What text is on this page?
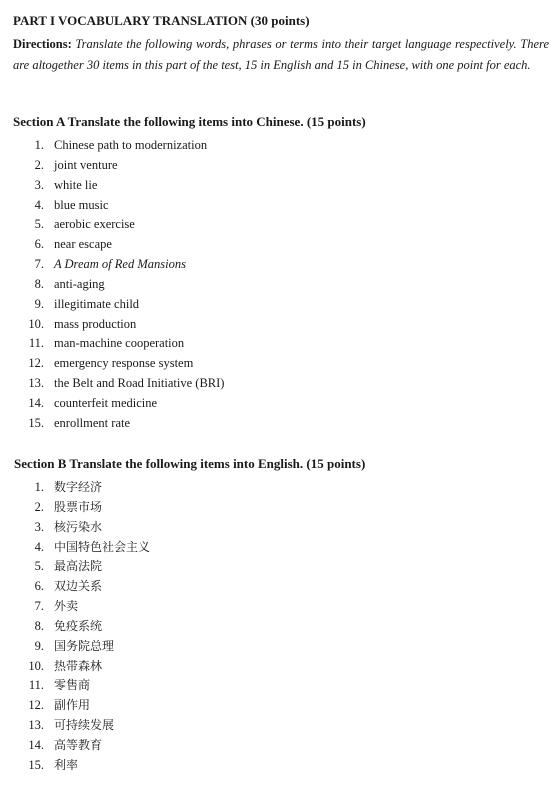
PART I VOCABULARY TRANSLATION (30 points)

Directions: Translate the following words, phrases or terms into their target language respectively. There are altogether 30 items in this part of the test, 15 in English and 15 in Chinese, with one point for each.

Section A Translate the following items into Chinese. (15 points)
1. Chinese path to modernization
2. joint venture
3. white lie
4. blue music
5. aerobic exercise
6. near escape
7. A Dream of Red Mansions
8. anti-aging
9. illegitimate child
10. mass production
11. man-machine cooperation
12. emergency response system
13. the Belt and Road Initiative (BRI)
14. counterfeit medicine
15. enrollment rate
Section B Translate the following items into English. (15 points)
1. 数字经济
2. 股票市场
3. 核污染水
4. 中国特色社会主义
5. 最高法院
6. 双边关系
7. 外卖
8. 免疫系统
9. 国务院总理
10. 热带森林
11. 零售商
12. 副作用
13. 可持续发展
14. 高等教育
15. 利率
